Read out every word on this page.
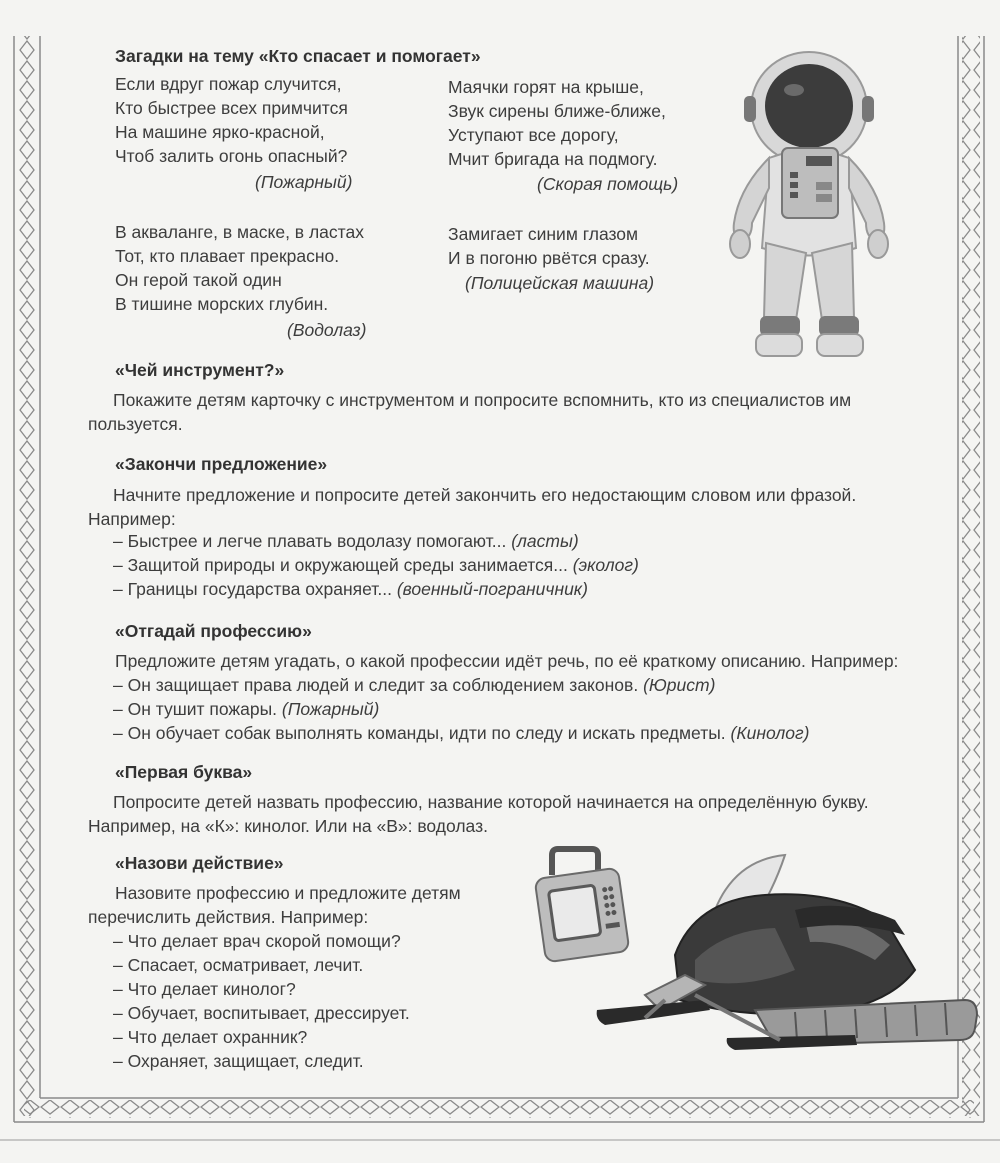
Загадки на тему «Кто спасает и помогает»
Если вдруг пожар случится,
Кто быстрее всех примчится
На машине ярко-красной,
Чтоб залить огонь опасный?
(Пожарный)
Маячки горят на крыше,
Звук сирены ближе-ближе,
Уступают все дорогу,
Мчит бригада на подмогу.
(Скорая помощь)
В акваланге, в маске, в ластах
Тот, кто плавает прекрасно.
Он герой такой один
В тишине морских глубин.
(Водолаз)
Замигает синим глазом
И в погоню рвётся сразу.
(Полицейская машина)
«Чей инструмент?»
Покажите детям карточку с инструментом и попросите вспомнить, кто из специалистов им пользуется.
«Закончи предложение»
Начните предложение и попросите детей закончить его недостающим словом или фразой. Например:
– Быстрее и легче плавать водолазу помогают... (ласты)
– Защитой природы и окружающей среды занимается... (эколог)
– Границы государства охраняет... (военный-пограничник)
«Отгадай профессию»
Предложите детям угадать, о какой профессии идёт речь, по её краткому описанию. Например:
– Он защищает права людей и следит за соблюдением законов. (Юрист)
– Он тушит пожары. (Пожарный)
– Он обучает собак выполнять команды, идти по следу и искать предметы. (Кинолог)
«Первая буква»
Попросите детей назвать профессию, название которой начинается на определённую букву. Например, на «К»: кинолог. Или на «В»: водолаз.
«Назови действие»
Назовите профессию и предложите детям
перечислить действия. Например:
– Что делает врач скорой помощи?
– Спасает, осматривает, лечит.
– Что делает кинолог?
– Обучает, воспитывает, дрессирует.
– Что делает охранник?
– Охраняет, защищает, следит.
